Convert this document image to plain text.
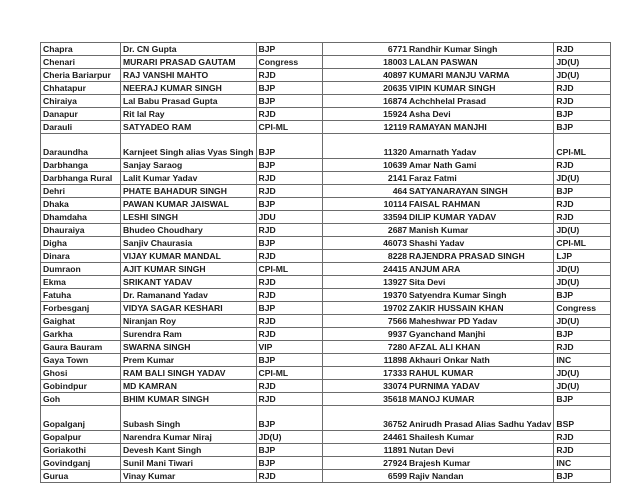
Chapra	Dr. CN Gupta	BJP	6771	Randhir Kumar Singh	RJD
Chenari	MURARI PRASAD GAUTAM	Congress	18003	LALAN PASWAN	JD(U)
Cheria Bariarpur	RAJ VANSHI MAHTO	RJD	40897	KUMARI MANJU VARMA	JD(U)
Chhatapur	NEERAJ KUMAR SINGH	BJP	20635	VIPIN KUMAR SINGH	RJD
Chiraiya	Lal Babu Prasad Gupta	BJP	16874	Achchhelal Prasad	RJD
Danapur	Rit lal Ray	RJD	15924	Asha Devi	BJP
Darauli	SATYADEO RAM	CPI-ML	12119	RAMAYAN MANJHI	BJP
Daraundha	Karnjeet Singh alias Vyas Singh	BJP	11320	Amarnath Yadav	CPI-ML
Darbhanga	Sanjay Saraog	BJP	10639	Amar Nath Gami	RJD
Darbhanga Rural	Lalit Kumar Yadav	RJD	2141	Faraz Fatmi	JD(U)
Dehri	PHATE BAHADUR SINGH	RJD	464	SATYANARAYAN SINGH	BJP
Dhaka	PAWAN KUMAR JAISWAL	BJP	10114	FAISAL RAHMAN	RJD
Dhamdaha	LESHI SINGH	JDU	33594	DILIP KUMAR YADAV	RJD
Dhauraiya	Bhudeo Choudhary	RJD	2687	Manish Kumar	JD(U)
Digha	Sanjiv Chaurasia	BJP	46073	Shashi Yadav	CPI-ML
Dinara	VIJAY KUMAR MANDAL	RJD	8228	RAJENDRA PRASAD SINGH	LJP
Dumraon	AJIT KUMAR SINGH	CPI-ML	24415	ANJUM ARA	JD(U)
Ekma	SRIKANT YADAV	RJD	13927	Sita Devi	JD(U)
Fatuha	Dr. Ramanand Yadav	RJD	19370	Satyendra Kumar Singh	BJP
Forbesganj	VIDYA SAGAR KESHARI	BJP	19702	ZAKIR HUSSAIN KHAN	Congress
Gaighat	Niranjan Roy	RJD	7566	Maheshwar PD Yadav	JD(U)
Garkha	Surendra Ram	RJD	9937	Gyanchand Manjhi	BJP
Gaura Bauram	SWARNA SINGH	VIP	7280	AFZAL ALI KHAN	RJD
Gaya Town	Prem Kumar	BJP	11898	Akhauri Onkar Nath	INC
Ghosi	RAM BALI SINGH YADAV	CPI-ML	17333	RAHUL KUMAR	JD(U)
Gobindpur	MD KAMRAN	RJD	33074	PURNIMA YADAV	JD(U)
Goh	BHIM KUMAR SINGH	RJD	35618	MANOJ KUMAR	BJP
Gopalganj	Subash Singh	BJP	36752	Anirudh Prasad Alias Sadhu Yadav	BSP
Gopalpur	Narendra Kumar Niraj	JD(U)	24461	Shailesh Kumar	RJD
Goriakothi	Devesh Kant Singh	BJP	11891	Nutan Devi	RJD
Govindganj	Sunil Mani Tiwari	BJP	27924	Brajesh Kumar	INC
Gurua	Vinay Kumar	RJD	6599	Rajiv Nandan	BJP
